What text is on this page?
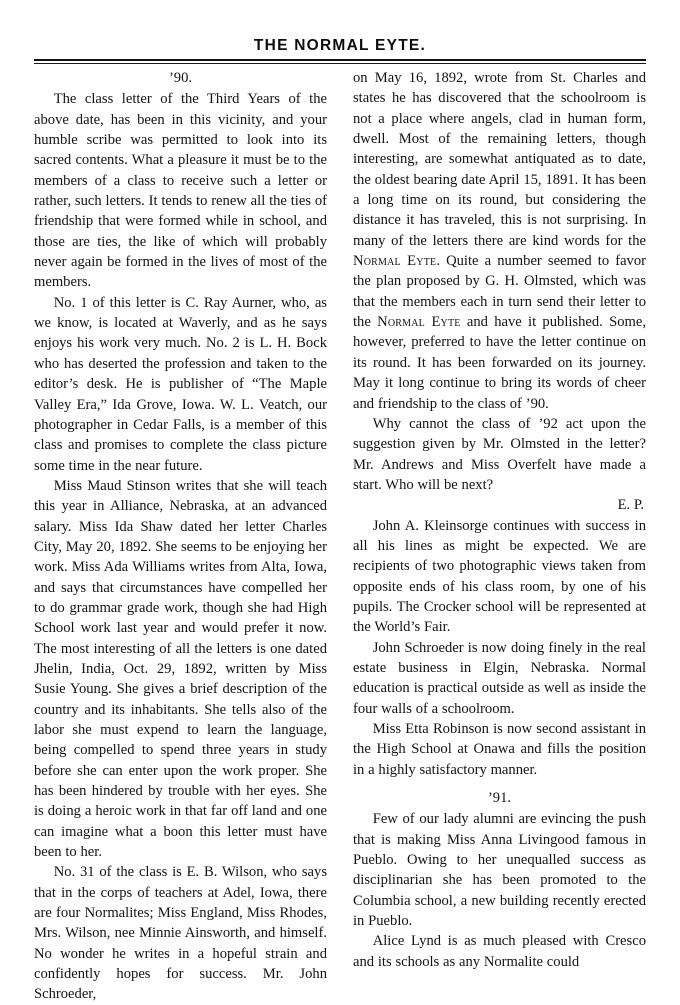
THE NORMAL EYTE.
’90.

The class letter of the Third Years of the above date, has been in this vicinity, and your humble scribe was permitted to look into its sacred contents. What a pleasure it must be to the members of a class to receive such a letter or rather, such letters. It tends to renew all the ties of friendship that were formed while in school, and those are ties, the like of which will probably never again be formed in the lives of most of the members.

No. 1 of this letter is C. Ray Aurner, who, as we know, is located at Waverly, and as he says enjoys his work very much. No. 2 is L. H. Bock who has deserted the profession and taken to the editor’s desk. He is publisher of “The Maple Valley Era,” Ida Grove, Iowa. W. L. Veatch, our photographer in Cedar Falls, is a member of this class and promises to complete the class picture some time in the near future.

Miss Maud Stinson writes that she will teach this year in Alliance, Nebraska, at an advanced salary. Miss Ida Shaw dated her letter Charles City, May 20, 1892. She seems to be enjoying her work. Miss Ada Williams writes from Alta, Iowa, and says that circumstances have compelled her to do grammar grade work, though she had High School work last year and would prefer it now. The most interesting of all the letters is one dated Jhelin, India, Oct. 29, 1892, written by Miss Susie Young. She gives a brief description of the country and its inhabitants. She tells also of the labor she must expend to learn the language, being compelled to spend three years in study before she can enter upon the work proper. She has been hindered by trouble with her eyes. She is doing a heroic work in that far off land and one can imagine what a boon this letter must have been to her.

No. 31 of the class is E. B. Wilson, who says that in the corps of teachers at Adel, Iowa, there are four Normalites; Miss England, Miss Rhodes, Mrs. Wilson, nee Minnie Ainsworth, and himself. No wonder he writes in a hopeful strain and confidently hopes for success. Mr. John Schroeder,

on May 16, 1892, wrote from St. Charles and states he has discovered that the schoolroom is not a place where angels, clad in human form, dwell. Most of the remaining letters, though interesting, are somewhat antiquated as to date, the oldest bearing date April 15, 1891. It has been a long time on its round, but considering the distance it has traveled, this is not surprising. In many of the letters there are kind words for the Normal Eyte. Quite a number seemed to favor the plan proposed by G. H. Olmsted, which was that the members each in turn send their letter to the Normal Eyte and have it published. Some, however, preferred to have the letter continue on its round. It has been forwarded on its journey. May it long continue to bring its words of cheer and friendship to the class of ’90.

Why cannot the class of ’92 act upon the suggestion given by Mr. Olmsted in the letter? Mr. Andrews and Miss Overfelt have made a start. Who will be next?

E. P.

John A. Kleinsorge continues with success in all his lines as might be expected. We are recipients of two photographic views taken from opposite ends of his class room, by one of his pupils. The Crocker school will be represented at the World’s Fair.

John Schroeder is now doing finely in the real estate business in Elgin, Nebraska. Normal education is practical outside as well as inside the four walls of a schoolroom.

Miss Etta Robinson is now second assistant in the High School at Onawa and fills the position in a highly satisfactory manner.

’91.

Few of our lady alumni are evincing the push that is making Miss Anna Livingood famous in Pueblo. Owing to her unequalled success as disciplinarian she has been promoted to the Columbia school, a new building recently erected in Pueblo.

Alice Lynd is as much pleased with Cresco and its schools as any Normalite could
